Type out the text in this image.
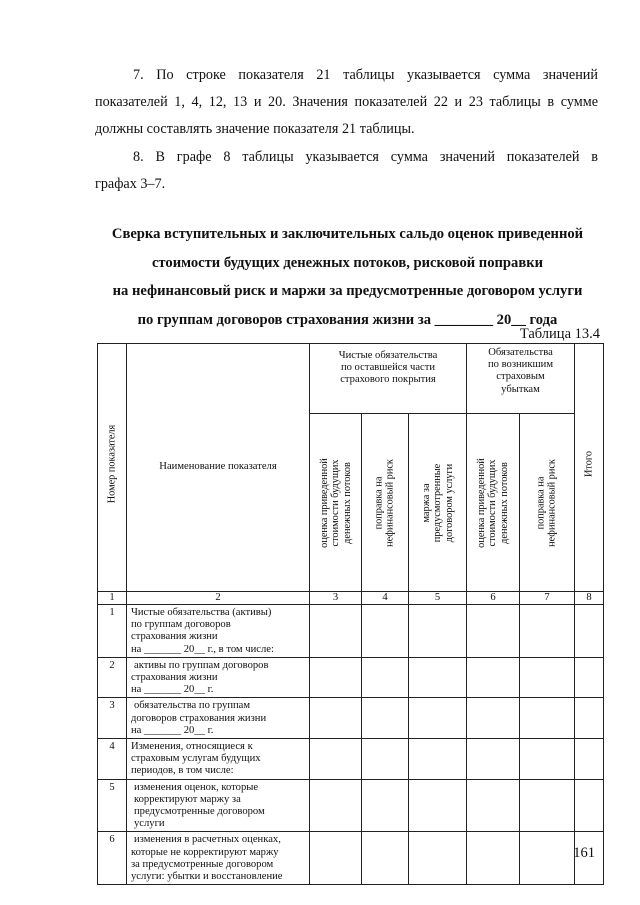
7. По строке показателя 21 таблицы указывается сумма значений
показателей 1, 4, 12, 13 и 20. Значения показателей 22 и 23 таблицы в сумме
должны составлять значение показателя 21 таблицы.

8. В графе 8 таблицы указывается сумма значений показателей в
графах 3–7.

Сверка вступительных и заключительных сальдо оценок приведенной
стоимости будущих денежных потоков, рисковой поправки
на нефинансовый риск и маржи за предусмотренные договором услуги
по группам договоров страхования жизни за ________ 20__ года
Таблица 13.4
Номер показателя	Наименование показателя	Чистые обязательства
по оставшейся части
страхового покрытия			Обязательства
по возникшим
страховым
убыткам		Итого

		оценка приведенной стоимости будущих денежных потоков	поправка на нефинансовый риск	маржа за предусмотренные договором услуги	оценка приведенной стоимости будущих денежных потоков	поправка на нефинансовый риск	

1	2	3	4	5	6	7	8
1	Чистые обязательства (активы)
по группам договоров
страхования жизни
на _______ 20__ г., в том числе:						

2	активы по группам договоров
страхования жизни
на _______ 20__ г.						

3	обязательства по группам
договоров страхования жизни
на _______ 20__ г.						

4	Изменения, относящиеся к
страховым услугам будущих
периодов, в том числе:						

5	изменения оценок, которые
корректируют маржу за
предусмотренные договором
услуги						

6	изменения в расчетных оценках,
которые не корректируют маржу
за предусмотренные договором
услуги: убытки и восстановление						

161
